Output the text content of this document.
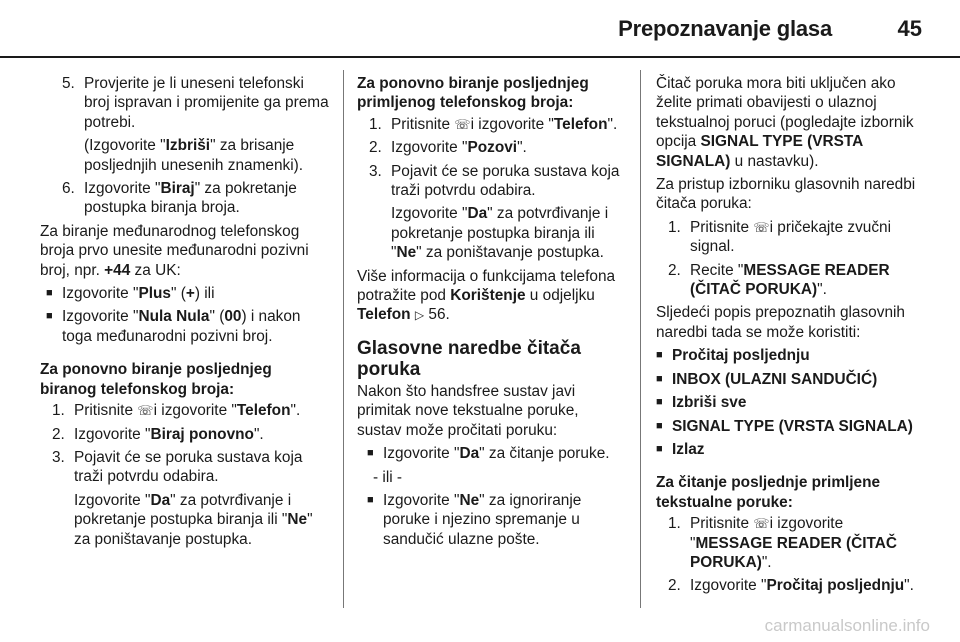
Prepoznavanje glasa	45
5. Provjerite je li uneseni telefonski broj ispravan i promijenite ga prema potrebi.
(Izgovorite "Izbriši" za brisanje posljednjih unesenih znamenki).
6. Izgovorite "Biraj" za pokretanje postupka biranja broja.
Za biranje međunarodnog telefonskog broja prvo unesite međunarodni pozivni broj, npr. +44 za UK:
■ Izgovorite "Plus" (+) ili
■ Izgovorite "Nula Nula" (00) i nakon toga međunarodni pozivni broj.
Za ponovno biranje posljednjeg biranog telefonskog broja:
1. Pritisnite ☏ i izgovorite "Telefon".
2. Izgovorite "Biraj ponovno".
3. Pojavit će se poruka sustava koja traži potvrdu odabira.
Izgovorite "Da" za potvrđivanje i pokretanje postupka biranja ili "Ne" za poništavanje postupka.
Za ponovno biranje posljednjeg primljenog telefonskog broja:
1. Pritisnite ☏ i izgovorite "Telefon".
2. Izgovorite "Pozovi".
3. Pojavit će se poruka sustava koja traži potvrdu odabira.
Izgovorite "Da" za potvrđivanje i pokretanje postupka biranja ili "Ne" za poništavanje postupka.
Više informacija o funkcijama telefona potražite pod Korištenje u odjeljku Telefon ▷ 56.
Glasovne naredbe čitača poruka
Nakon što handsfree sustav javi primitak nove tekstualne poruke, sustav može pročitati poruku:
■ Izgovorite "Da" za čitanje poruke.
- ili -
■ Izgovorite "Ne" za ignoriranje poruke i njezino spremanje u sandučić ulazne pošte.
Čitač poruka mora biti uključen ako želite primati obavijesti o ulaznoj tekstualnoj poruci (pogledajte izbornik opcija SIGNAL TYPE (VRSTA SIGNALA) u nastavku).
Za pristup izborniku glasovnih naredbi čitača poruka:
1. Pritisnite ☏ i pričekajte zvučni signal.
2. Recite "MESSAGE READER (ČITAČ PORUKA)".
Sljedeći popis prepoznatih glasovnih naredbi tada se može koristiti:
■ Pročitaj posljednju
■ INBOX (ULAZNI SANDUČIĆ)
■ Izbriši sve
■ SIGNAL TYPE (VRSTA SIGNALA)
■ Izlaz
Za čitanje posljednje primljene tekstualne poruke:
1. Pritisnite ☏ i izgovorite "MESSAGE READER (ČITAČ PORUKA)".
2. Izgovorite "Pročitaj posljednju".
carmanualsonline.info
